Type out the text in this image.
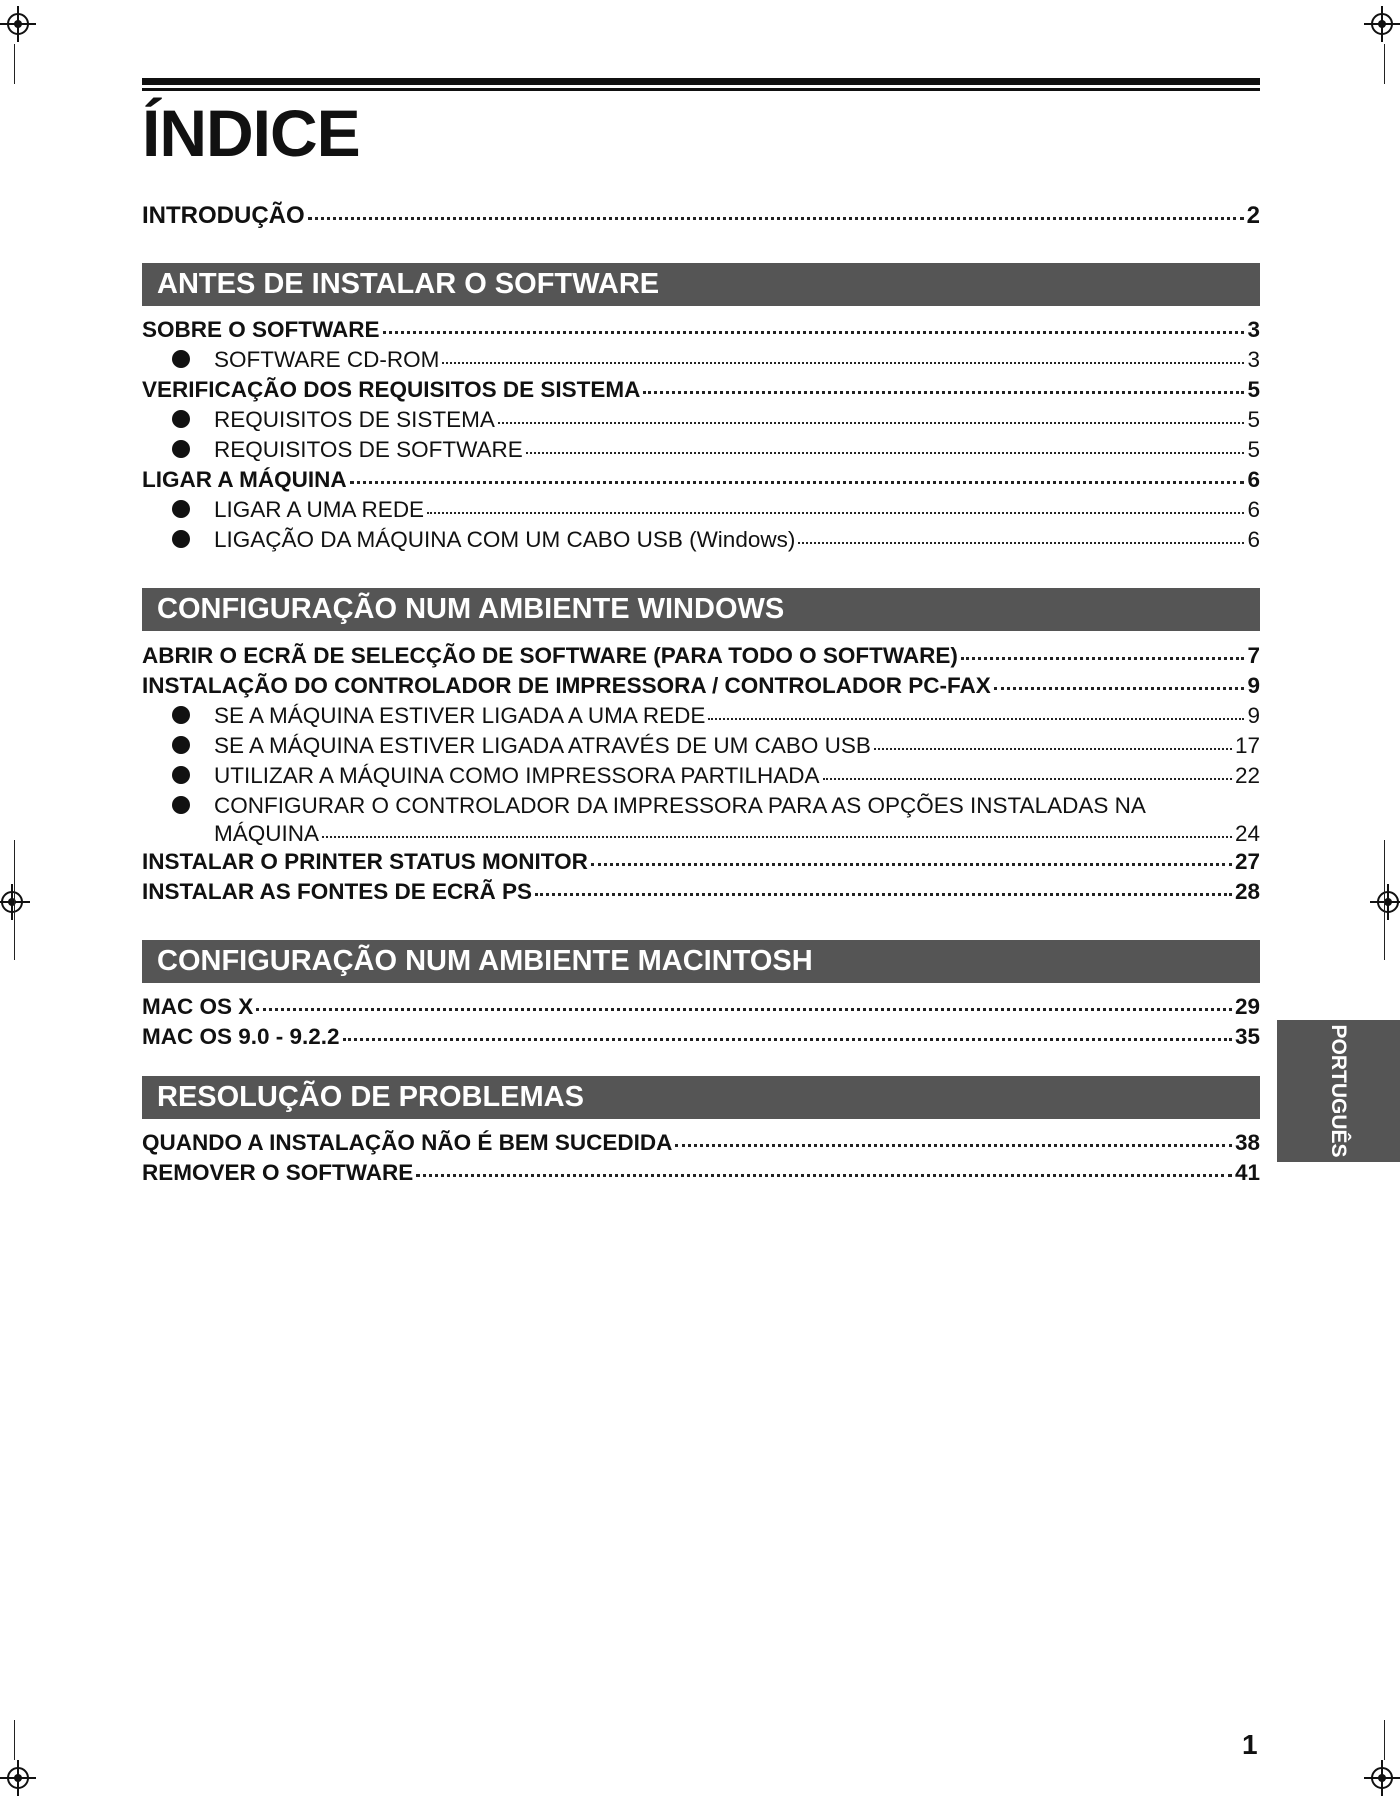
ÍNDICE
INTRODUÇÃO	2
ANTES DE INSTALAR O SOFTWARE
SOBRE O SOFTWARE	3
SOFTWARE CD-ROM	3
VERIFICAÇÃO DOS REQUISITOS DE SISTEMA	5
REQUISITOS DE SISTEMA	5
REQUISITOS DE SOFTWARE	5
LIGAR A MÁQUINA	6
LIGAR A UMA REDE	6
LIGAÇÃO DA MÁQUINA COM UM CABO USB (Windows)	6
CONFIGURAÇÃO NUM AMBIENTE WINDOWS
ABRIR O ECRÃ DE SELECÇÃO DE SOFTWARE (PARA TODO O SOFTWARE)	7
INSTALAÇÃO DO CONTROLADOR DE IMPRESSORA / CONTROLADOR PC-FAX	9
SE A MÁQUINA ESTIVER LIGADA A UMA REDE	9
SE A MÁQUINA ESTIVER LIGADA ATRAVÉS DE UM CABO USB	17
UTILIZAR A MÁQUINA COMO IMPRESSORA PARTILHADA	22
CONFIGURAR O CONTROLADOR DA IMPRESSORA PARA AS OPÇÕES INSTALADAS NA
MÁQUINA	24
INSTALAR O PRINTER STATUS MONITOR	27
INSTALAR AS FONTES DE ECRÃ PS	28
CONFIGURAÇÃO NUM AMBIENTE MACINTOSH
MAC OS X	29
MAC OS 9.0 - 9.2.2	35
RESOLUÇÃO DE PROBLEMAS
QUANDO A INSTALAÇÃO NÃO É BEM SUCEDIDA	38
REMOVER O SOFTWARE	41
PORTUGUÊS
1
